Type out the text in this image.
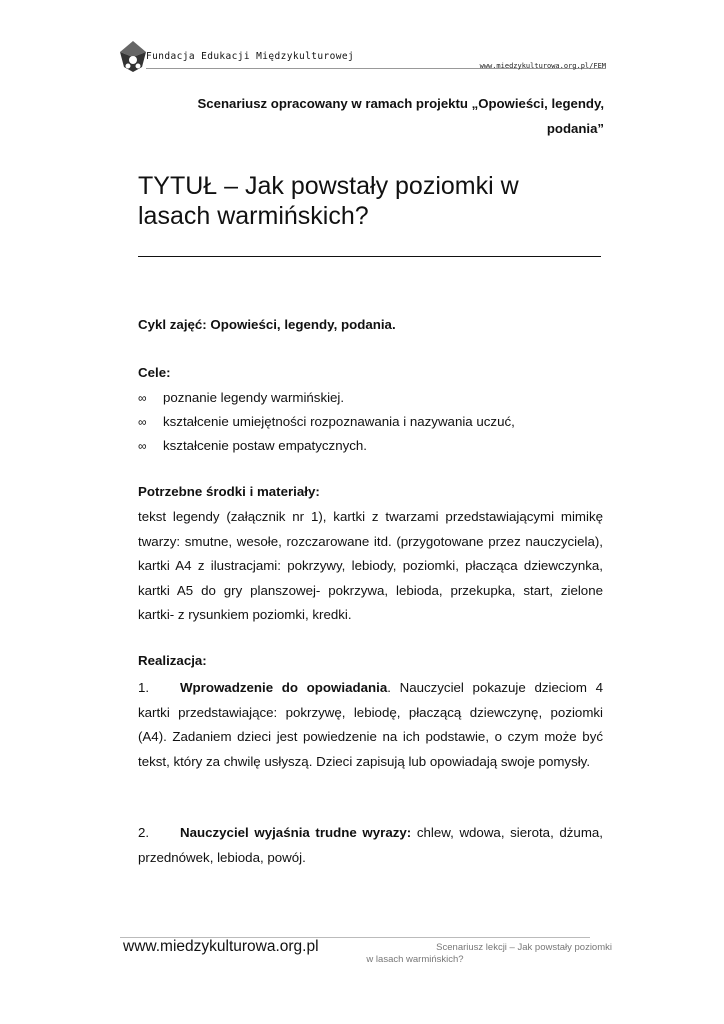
Fundacja Edukacji Międzykulturowej
www.miedzykulturowa.org.pl/FEM
Scenariusz opracowany w ramach projektu „Opowieści, legendy,
podania”
TYTUŁ – Jak powstały poziomki w
lasach warmińskich?
Cykl zajęć: Opowieści, legendy, podania.
Cele:
∞ poznanie legendy warmińskiej.
∞ kształcenie umiejętności rozpoznawania i nazywania uczuć,
∞ kształcenie postaw empatycznych.
Potrzebne środki i materiały:

tekst legendy (załącznik nr 1), kartki z twarzami przedstawiającymi mimikę twarzy: smutne, wesołe, rozczarowane itd. (przygotowane przez nauczyciela), kartki A4 z ilustracjami: pokrzywy, lebiody, poziomki, płacząca dziewczynka, kartki A5 do gry planszowej- pokrzywa, lebioda, przekupka, start, zielone kartki- z rysunkiem poziomki, kredki.

Realizacja:

1. Wprowadzenie do opowiadania. Nauczyciel pokazuje dzieciom 4 kartki przedstawiające: pokrzywę, lebiodę, płaczącą dziewczynę, poziomki (A4). Zadaniem dzieci jest powiedzenie na ich podstawie, o czym może być tekst, który za chwilę usłyszą. Dzieci zapisują lub opowiadają swoje pomysły.

2. Nauczyciel wyjaśnia trudne wyrazy: chlew, wdowa, sierota, dżuma, przednówek, lebioda, powój.

www.miedzykulturowa.org.pl	Scenariusz lekcji – Jak powstały poziomki
w lasach warmińskich?
